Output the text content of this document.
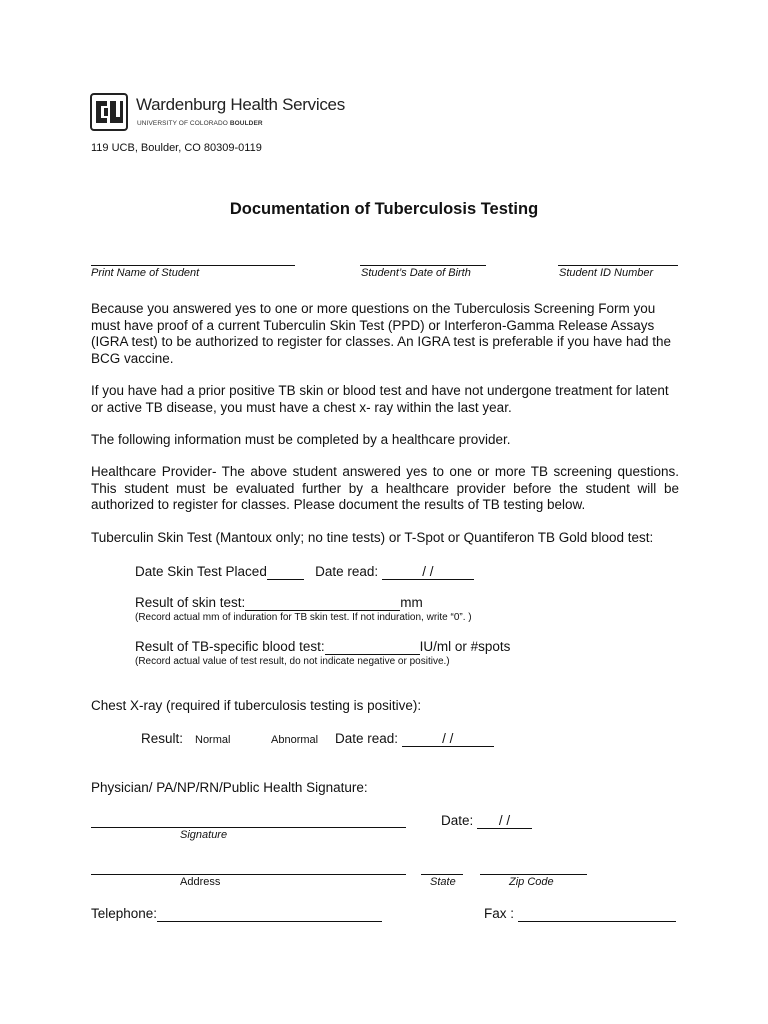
Wardenburg Health Services
UNIVERSITY OF COLORADO BOULDER
119 UCB, Boulder, CO 80309-0119
Documentation of Tuberculosis Testing
Print Name of Student	Student’s Date of Birth	Student ID Number
Because you answered yes to one or more questions on the Tuberculosis Screening Form you must have proof of a current Tuberculin Skin Test (PPD) or Interferon-Gamma Release Assays (IGRA test) to be authorized to register for classes. An IGRA test is preferable if you have had the BCG vaccine.
If you have had a prior positive TB skin or blood test and have not undergone treatment for latent or active TB disease, you must have a chest x- ray within the last year.
The following information must be completed by a healthcare provider.
Healthcare Provider- The above student answered yes to one or more TB screening questions. This student must be evaluated further by a healthcare provider before the student will be authorized to register for classes. Please document the results of TB testing below.
Tuberculin Skin Test (Mantoux only; no tine tests) or T-Spot or Quantiferon TB Gold blood test:
Date Skin Test Placed	Date read:	/ /
Result of skin test:	mm
(Record actual mm of induration for TB skin test. If not induration, write “0”. )
Result of TB-specific blood test:	IU/ml or #spots
(Record actual value of test result, do not indicate negative or positive.)
Chest X-ray (required if tuberculosis testing is positive):
Result: Normal	Abnormal Date read:	/ /
Physician/ PA/NP/RN/Public Health Signature:
Signature
Date: / /
Address	State	Zip Code
Telephone:	Fax :
